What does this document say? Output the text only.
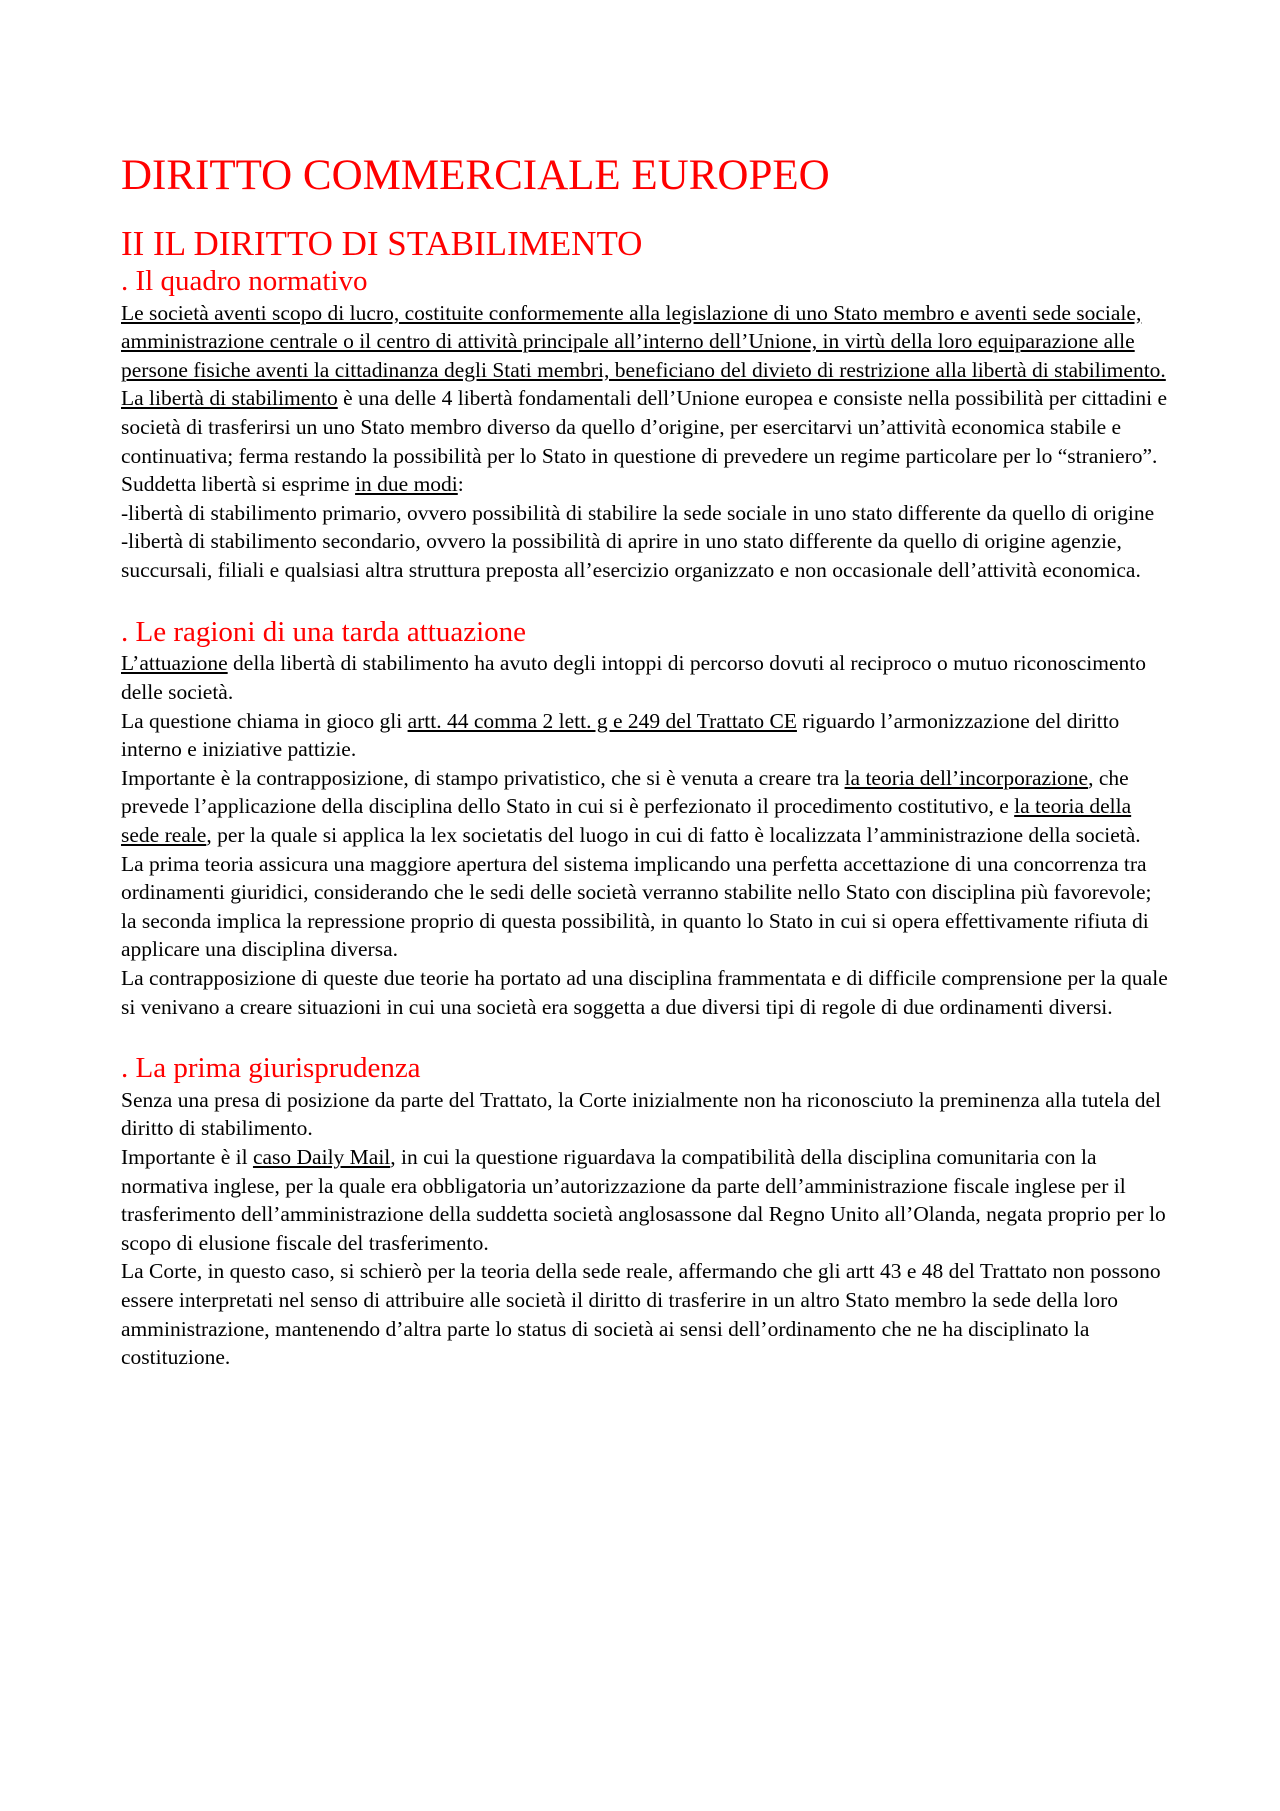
DIRITTO COMMERCIALE EUROPEO
II IL DIRITTO DI STABILIMENTO
. Il quadro normativo

Le società aventi scopo di lucro, costituite conformemente alla legislazione di uno Stato membro e aventi sede sociale, amministrazione centrale o il centro di attività principale all’interno dell’Unione, in virtù della loro equiparazione alle persone fisiche aventi la cittadinanza degli Stati membri, beneficiano del divieto di restrizione alla libertà di stabilimento.

La libertà di stabilimento è una delle 4 libertà fondamentali dell’Unione europea e consiste nella possibilità per cittadini e società di trasferirsi un uno Stato membro diverso da quello d’origine, per esercitarvi un’attività economica stabile e continuativa; ferma restando la possibilità per lo Stato in questione di prevedere un regime particolare per lo “straniero”.

Suddetta libertà si esprime in due modi:

-libertà di stabilimento primario, ovvero possibilità di stabilire la sede sociale in uno stato differente da quello di origine

-libertà di stabilimento secondario, ovvero la possibilità di aprire in uno stato differente da quello di origine agenzie, succursali, filiali e qualsiasi altra struttura preposta all’esercizio organizzato e non occasionale dell’attività economica.

. Le ragioni di una tarda attuazione

L’attuazione della libertà di stabilimento ha avuto degli intoppi di percorso dovuti al reciproco o mutuo riconoscimento delle società.

La questione chiama in gioco gli artt. 44 comma 2 lett. g e 249 del Trattato CE riguardo l’armonizzazione del diritto interno e iniziative pattizie.

Importante è la contrapposizione, di stampo privatistico, che si è venuta a creare tra la teoria dell’incorporazione, che prevede l’applicazione della disciplina dello Stato in cui si è perfezionato il procedimento costitutivo, e la teoria della sede reale, per la quale si applica la lex societatis del luogo in cui di fatto è localizzata l’amministrazione della società.

La prima teoria assicura una maggiore apertura del sistema implicando una perfetta accettazione di una concorrenza tra ordinamenti giuridici, considerando che le sedi delle società verranno stabilite nello Stato con disciplina più favorevole; la seconda implica la repressione proprio di questa possibilità, in quanto lo Stato in cui si opera effettivamente rifiuta di applicare una disciplina diversa.

La contrapposizione di queste due teorie ha portato ad una disciplina frammentata e di difficile comprensione per la quale si venivano a creare situazioni in cui una società era soggetta a due diversi tipi di regole di due ordinamenti diversi.

. La prima giurisprudenza

Senza una presa di posizione da parte del Trattato, la Corte inizialmente non ha riconosciuto la preminenza alla tutela del diritto di stabilimento.

Importante è il caso Daily Mail, in cui la questione riguardava la compatibilità della disciplina comunitaria con la normativa inglese, per la quale era obbligatoria un’autorizzazione da parte dell’amministrazione fiscale inglese per il trasferimento dell’amministrazione della suddetta società anglosassone dal Regno Unito all’Olanda, negata proprio per lo scopo di elusione fiscale del trasferimento.

La Corte, in questo caso, si schierò per la teoria della sede reale, affermando che gli artt 43 e 48 del Trattato non possono essere interpretati nel senso di attribuire alle società il diritto di trasferire in un altro Stato membro la sede della loro amministrazione, mantenendo d’altra parte lo status di società ai sensi dell’ordinamento che ne ha disciplinato la costituzione.
